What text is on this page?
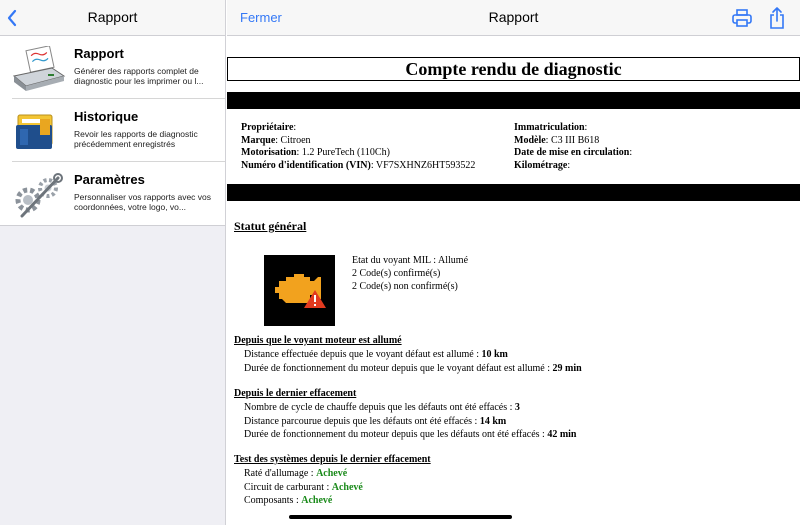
Rapport
Rapport
Générer des rapports complet de diagnostic pour les imprimer ou l...
Historique
Revoir les rapports de diagnostic précédemment enregistrés
Paramètres
Personnaliser vos rapports avec vos coordonnées, votre logo, vo...
Fermer	Rapport
Compte rendu de diagnostic
Propriétaire:
Marque: Citroen
Motorisation: 1.2 PureTech (110Ch)
Numéro d'identification (VIN): VF7SXHNZ6HT593522
Immatriculation:
Modèle: C3 III B618
Date de mise en circulation:
Kilométrage:
Statut général
Etat du voyant MIL : Allumé
2 Code(s) confirmé(s)
2 Code(s) non confirmé(s)
Depuis que le voyant moteur est allumé
Distance effectuée depuis que le voyant défaut est allumé : 10 km
Durée de fonctionnement du moteur depuis que le voyant défaut est allumé : 29 min
Depuis le dernier effacement
Nombre de cycle de chauffe depuis que les défauts ont été effacés : 3
Distance parcourue depuis que les défauts ont été effacés : 14 km
Durée de fonctionnement du moteur depuis que les défauts ont été effacés : 42 min
Test des systèmes depuis le dernier effacement
Raté d'allumage : Achevé
Circuit de carburant : Achevé
Composants : Achevé
